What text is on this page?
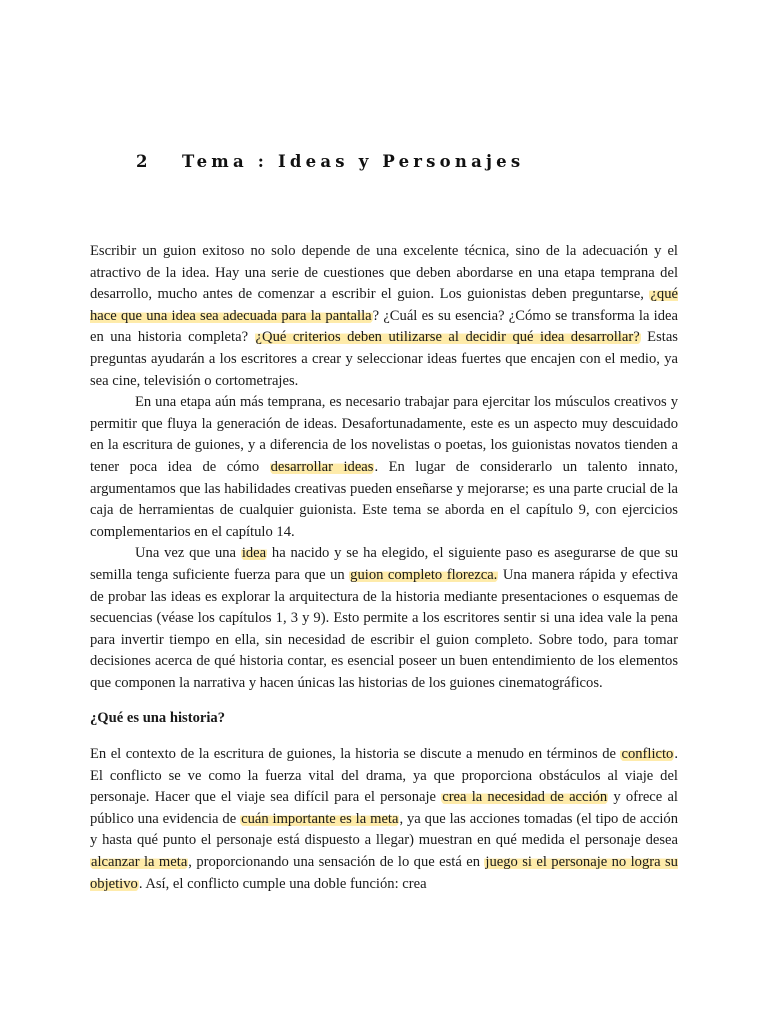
2 Tema : Ideas y Personajes

Escribir un guion exitoso no solo depende de una excelente técnica, sino de la adecuación y el atractivo de la idea. Hay una serie de cuestiones que deben abordarse en una etapa temprana del desarrollo, mucho antes de comenzar a escribir el guion. Los guionistas deben preguntarse, ¿qué hace que una idea sea adecuada para la pantalla? ¿Cuál es su esencia? ¿Cómo se transforma la idea en una historia completa? ¿Qué criterios deben utilizarse al decidir qué idea desarrollar? Estas preguntas ayudarán a los escritores a crear y seleccionar ideas fuertes que encajen con el medio, ya sea cine, televisión o cortometrajes.

En una etapa aún más temprana, es necesario trabajar para ejercitar los músculos creativos y permitir que fluya la generación de ideas. Desafortunadamente, este es un aspecto muy descuidado en la escritura de guiones, y a diferencia de los novelistas o poetas, los guionistas novatos tienden a tener poca idea de cómo desarrollar ideas. En lugar de considerarlo un talento innato, argumentamos que las habilidades creativas pueden enseñarse y mejorarse; es una parte crucial de la caja de herramientas de cualquier guionista. Este tema se aborda en el capítulo 9, con ejercicios complementarios en el capítulo 14.

Una vez que una idea ha nacido y se ha elegido, el siguiente paso es asegurarse de que su semilla tenga suficiente fuerza para que un guion completo florezca. Una manera rápida y efectiva de probar las ideas es explorar la arquitectura de la historia mediante presentaciones o esquemas de secuencias (véase los capítulos 1, 3 y 9). Esto permite a los escritores sentir si una idea vale la pena para invertir tiempo en ella, sin necesidad de escribir el guion completo. Sobre todo, para tomar decisiones acerca de qué historia contar, es esencial poseer un buen entendimiento de los elementos que componen la narrativa y hacen únicas las historias de los guiones cinematográficos.

¿Qué es una historia?

En el contexto de la escritura de guiones, la historia se discute a menudo en términos de conflicto. El conflicto se ve como la fuerza vital del drama, ya que proporciona obstáculos al viaje del personaje. Hacer que el viaje sea difícil para el personaje crea la necesidad de acción y ofrece al público una evidencia de cuán importante es la meta, ya que las acciones tomadas (el tipo de acción y hasta qué punto el personaje está dispuesto a llegar) muestran en qué medida el personaje desea alcanzar la meta, proporcionando una sensación de lo que está en juego si el personaje no logra su objetivo. Así, el conflicto cumple una doble función: crea
